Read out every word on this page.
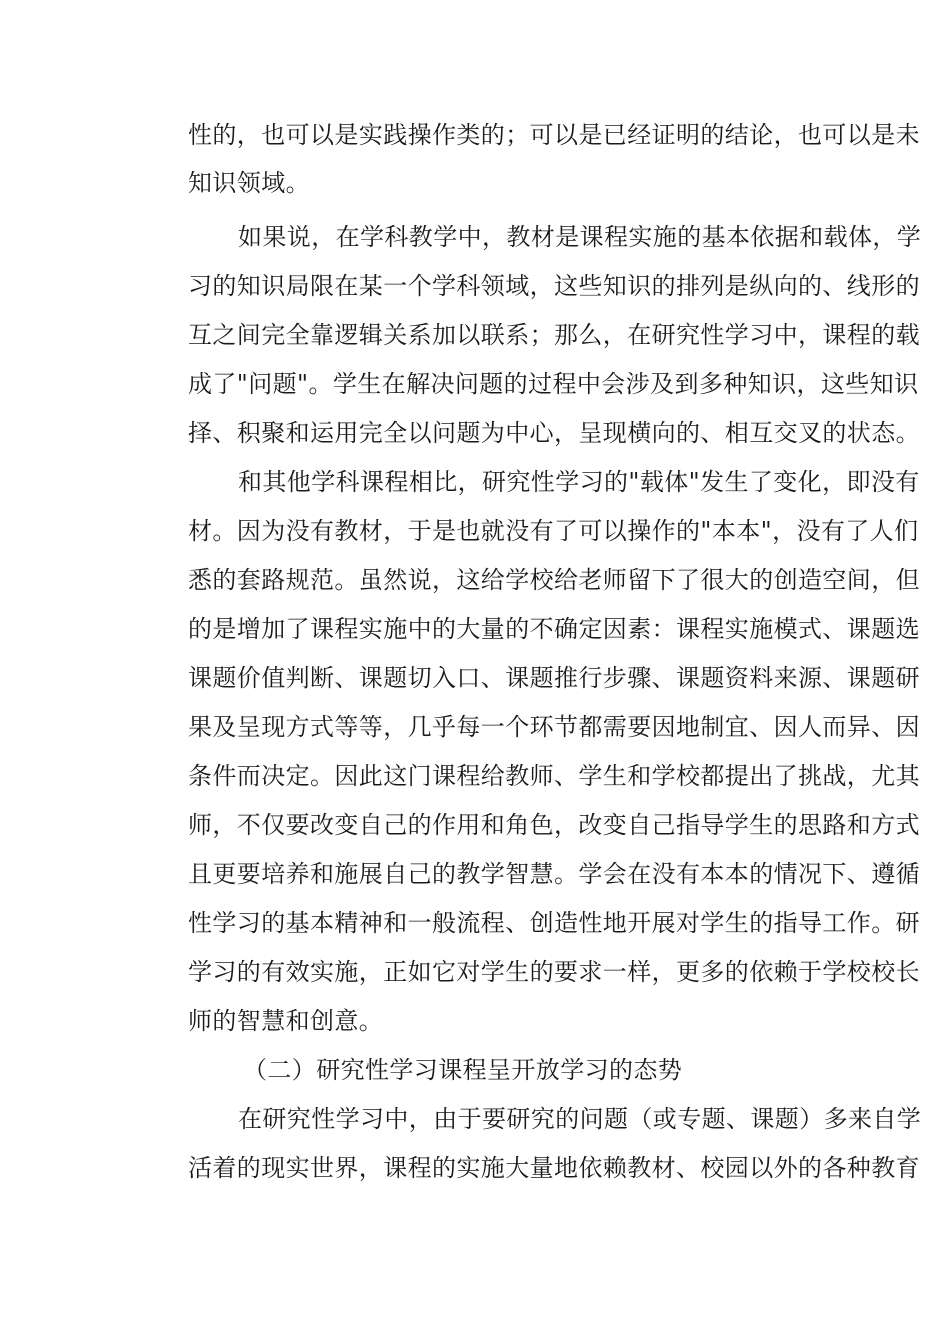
性的，也可以是实践操作类的；可以是已经证明的结论，也可以是未
知识领域。
如果说，在学科教学中，教材是课程实施的基本依据和载体，学
习的知识局限在某一个学科领域，这些知识的排列是纵向的、线形的
互之间完全靠逻辑关系加以联系；那么，在研究性学习中，课程的载
成了"问题"。学生在解决问题的过程中会涉及到多种知识，这些知识
择、积聚和运用完全以问题为中心，呈现横向的、相互交叉的状态。
和其他学科课程相比，研究性学习的"载体"发生了变化，即没有
材。因为没有教材，于是也就没有了可以操作的"本本"，没有了人们
悉的套路规范。虽然说，这给学校给老师留下了很大的创造空间，但
的是增加了课程实施中的大量的不确定因素：课程实施模式、课题选
课题价值判断、课题切入口、课题推行步骤、课题资料来源、课题研
果及呈现方式等等，几乎每一个环节都需要因地制宜、因人而异、因
条件而决定。因此这门课程给教师、学生和学校都提出了挑战，尤其
师，不仅要改变自己的作用和角色，改变自己指导学生的思路和方式
且更要培养和施展自己的教学智慧。学会在没有本本的情况下、遵循
性学习的基本精神和一般流程、创造性地开展对学生的指导工作。研
学习的有效实施，正如它对学生的要求一样，更多的依赖于学校校长
师的智慧和创意。
（二）研究性学习课程呈开放学习的态势
在研究性学习中，由于要研究的问题（或专题、课题）多来自学
活着的现实世界，课程的实施大量地依赖教材、校园以外的各种教育
